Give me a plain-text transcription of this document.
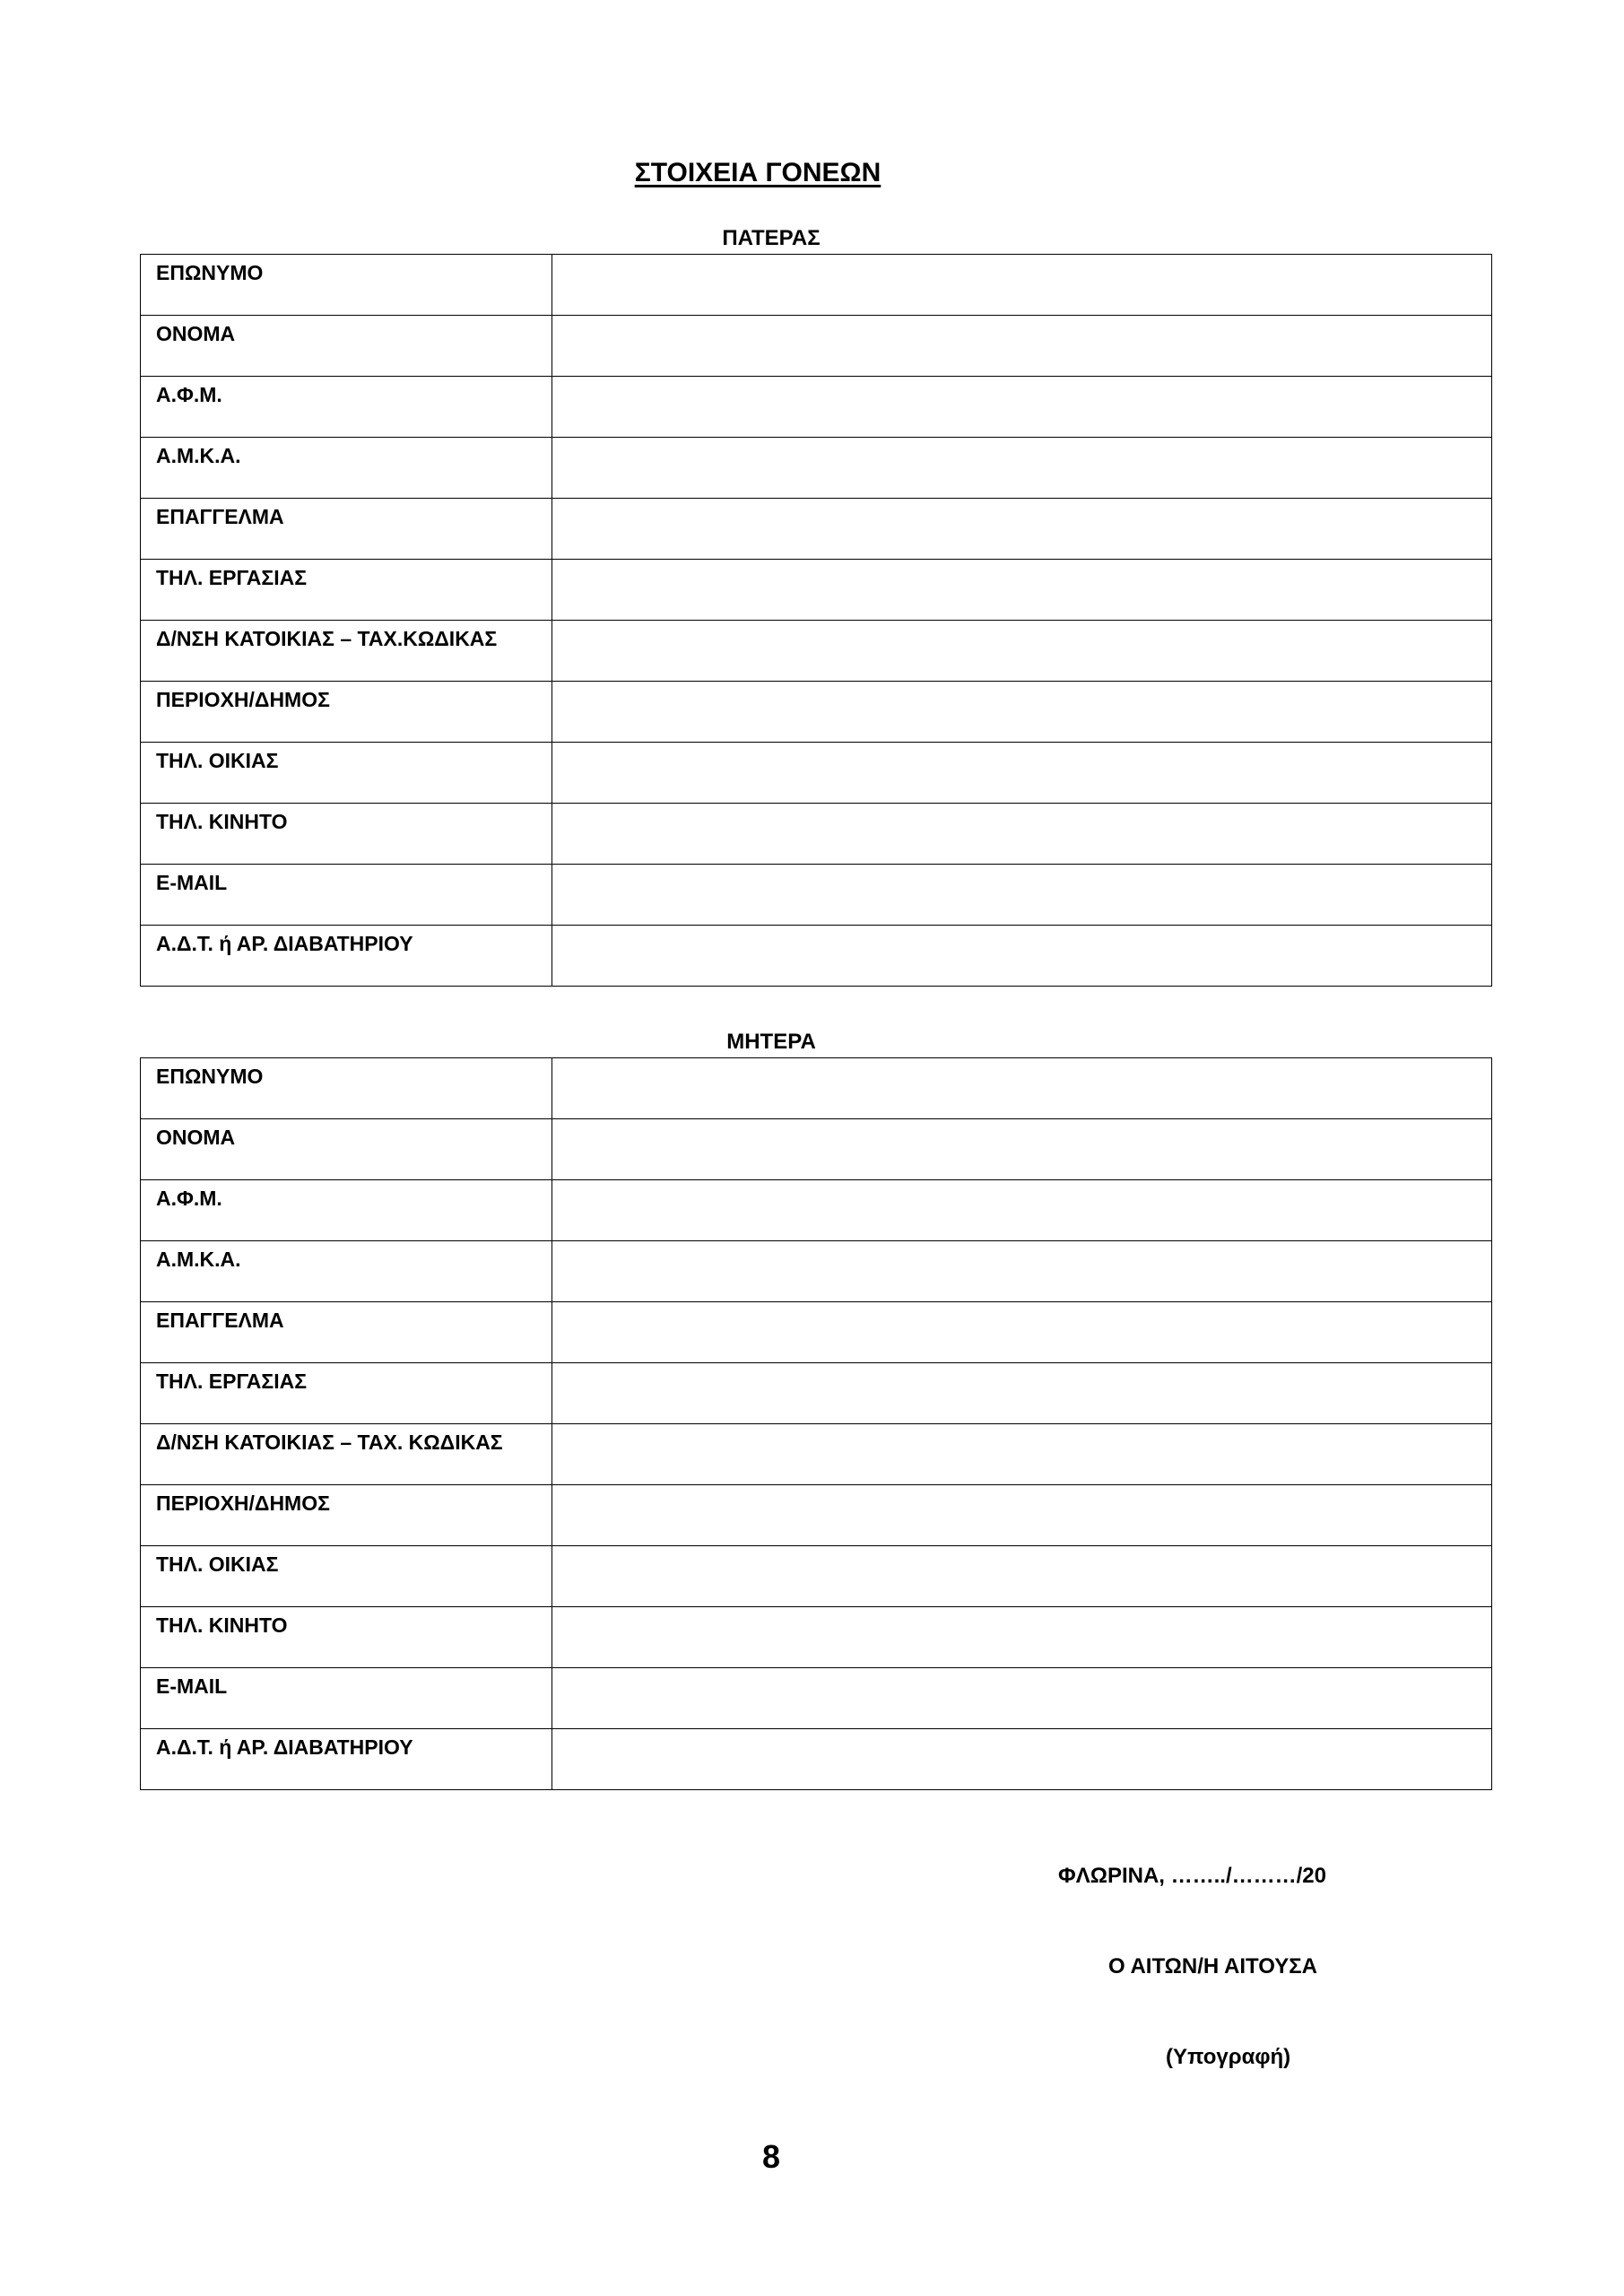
ΣΤΟΙΧΕΙΑ ΓΟΝΕΩΝ
ΠΑΤΕΡΑΣ
ΕΠΩΝΥΜΟ	
ΟΝΟΜΑ	
Α.Φ.Μ.	
Α.Μ.Κ.Α.	
ΕΠΑΓΓΕΛΜΑ	
ΤΗΛ. ΕΡΓΑΣΙΑΣ	
Δ/ΝΣΗ ΚΑΤΟΙΚΙΑΣ – ΤΑΧ.ΚΩΔΙΚΑΣ	
ΠΕΡΙΟΧΗ/ΔΗΜΟΣ	
ΤΗΛ. ΟΙΚΙΑΣ	
ΤΗΛ. ΚΙΝΗΤΟ	
E-MAIL	
Α.Δ.Τ. ή ΑΡ. ΔΙΑΒΑΤΗΡΙΟΥ	
ΜΗΤΕΡΑ
ΕΠΩΝΥΜΟ	
ΟΝΟΜΑ	
Α.Φ.Μ.	
Α.Μ.Κ.Α.	
ΕΠΑΓΓΕΛΜΑ	
ΤΗΛ. ΕΡΓΑΣΙΑΣ	
Δ/ΝΣΗ ΚΑΤΟΙΚΙΑΣ – ΤΑΧ. ΚΩΔΙΚΑΣ	
ΠΕΡΙΟΧΗ/ΔΗΜΟΣ	
ΤΗΛ. ΟΙΚΙΑΣ	
ΤΗΛ. ΚΙΝΗΤΟ	
E-MAIL	
Α.Δ.Τ. ή ΑΡ. ΔΙΑΒΑΤΗΡΙΟΥ	
ΦΛΩΡΙΝΑ, ……../………/20
Ο ΑΙΤΩΝ/Η ΑΙΤΟΥΣΑ
(Υπογραφή)
8
